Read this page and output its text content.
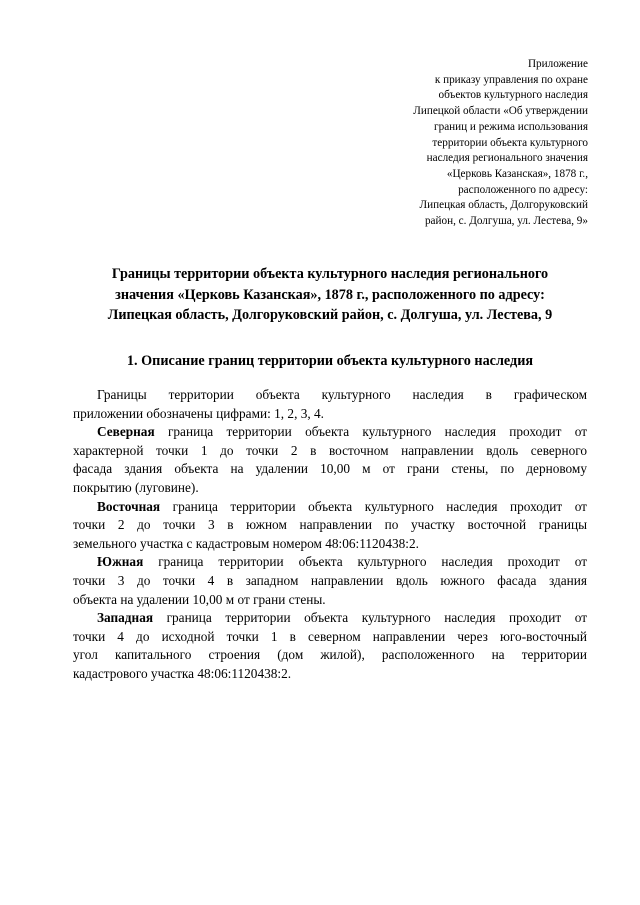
Приложение
к приказу управления по охране
объектов культурного наследия
Липецкой области «Об утверждении
границ и режима использования
территории объекта культурного
наследия регионального значения
«Церковь Казанская», 1878 г.,
расположенного по адресу:
Липецкая область, Долгоруковский
район, с. Долгуша, ул. Лестева, 9»
Границы территории объекта культурного наследия регионального
значения «Церковь Казанская», 1878 г., расположенного по адресу:
Липецкая область, Долгоруковский район, с. Долгуша, ул. Лестева, 9
1. Описание границ территории объекта культурного наследия
Границы территории объекта культурного наследия в графическом
приложении обозначены цифрами: 1, 2, 3, 4.
Северная граница территории объекта культурного наследия проходит от
характерной точки 1 до точки 2 в восточном направлении вдоль северного
фасада здания объекта на удалении 10,00 м от грани стены, по дерновому
покрытию (луговине).
Восточная граница территории объекта культурного наследия проходит от
точки 2 до точки 3 в южном направлении по участку восточной границы
земельного участка с кадастровым номером 48:06:1120438:2.
Южная граница территории объекта культурного наследия проходит от
точки 3 до точки 4 в западном направлении вдоль южного фасада здания
объекта на удалении 10,00 м от грани стены.
Западная граница территории объекта культурного наследия проходит от
точки 4 до исходной точки 1 в северном направлении через юго-восточный
угол капитального строения (дом жилой), расположенного на территории
кадастрового участка 48:06:1120438:2.
